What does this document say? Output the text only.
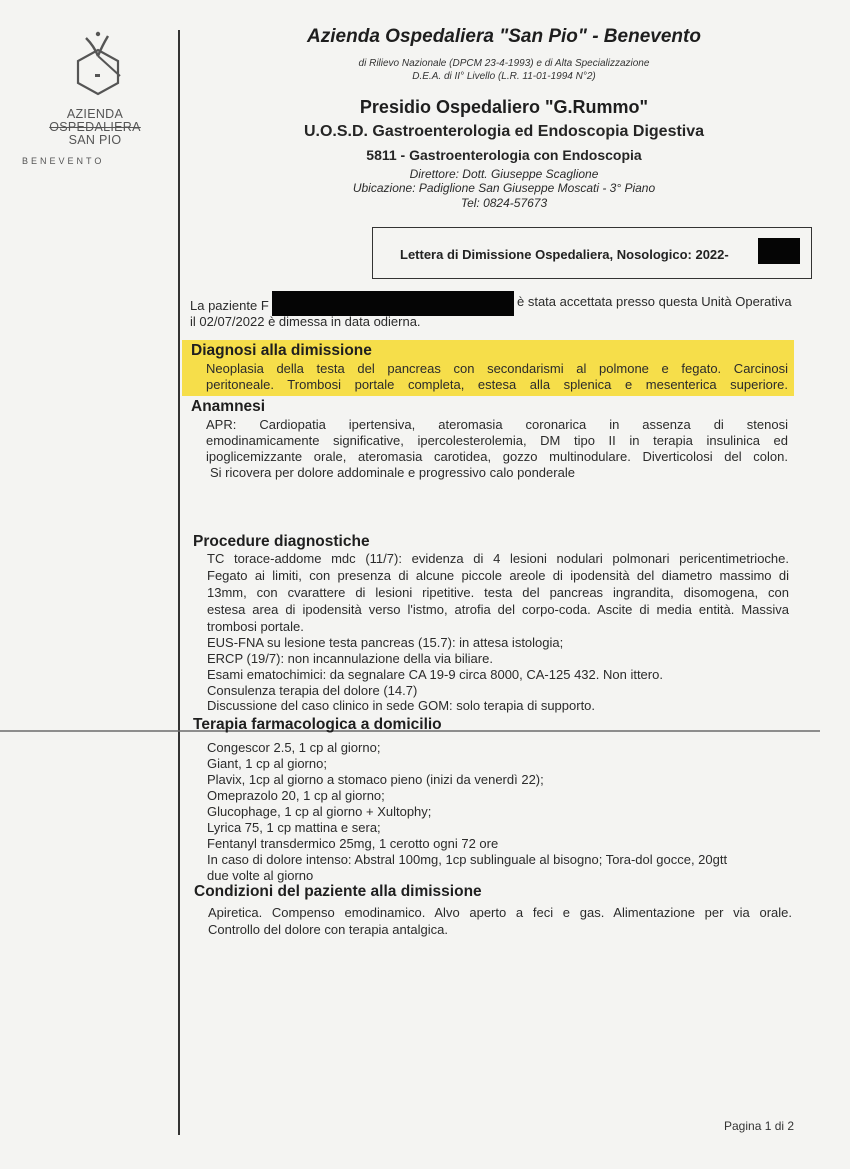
AZIENDA
OSPEDALIERA
SAN PIO
BENEVENTO
Azienda Ospedaliera "San Pio" - Benevento
di Rilievo Nazionale (DPCM 23-4-1993) e di Alta Specializzazione
D.E.A. di II° Livello (L.R. 11-01-1994 N°2)
Presidio Ospedaliero "G.Rummo"
U.O.S.D. Gastroenterologia ed Endoscopia Digestiva
5811 - Gastroenterologia con Endoscopia
Direttore: Dott. Giuseppe Scaglione
Ubicazione: Padiglione San Giuseppe Moscati - 3° Piano
Tel: 0824-57673
Lettera di Dimissione Ospedaliera, Nosologico: 2022-
La paziente F	è stata accettata presso questa Unità Operativa
il 02/07/2022 è dimessa in data odierna.
Diagnosi alla dimissione
Neoplasia della testa del pancreas con secondarismi al polmone e fegato. Carcinosi
peritoneale. Trombosi portale completa, estesa alla splenica e mesenterica superiore.
Anamnesi
APR: Cardiopatia ipertensiva, ateromasia coronarica in assenza di stenosi
emodinamicamente significative, ipercolesterolemia, DM tipo II in terapia insulinica ed
ipoglicemizzante orale, ateromasia carotidea, gozzo multinodulare. Diverticolosi del colon.
Si ricovera per dolore addominale e progressivo calo ponderale
Procedure diagnostiche
TC torace-addome mdc (11/7): evidenza di 4 lesioni nodulari polmonari pericentimetrioche.
Fegato ai limiti, con presenza di alcune piccole areole di ipodensità del diametro massimo di
13mm, con cvarattere di lesioni ripetitive. testa del pancreas ingrandita, disomogena, con
estesa area di ipodensità verso l'istmo, atrofia del corpo-coda. Ascite di media entità. Massiva
trombosi portale.
EUS-FNA su lesione testa pancreas (15.7): in attesa istologia;
ERCP (19/7): non incannulazione della via biliare.
Esami ematochimici: da segnalare CA 19-9 circa 8000, CA-125 432. Non ittero.
Consulenza terapia del dolore (14.7)
Discussione del caso clinico in sede GOM: solo terapia di supporto.
Terapia farmacologica a domicilio
Congescor 2.5, 1 cp al giorno;
Giant, 1 cp al giorno;
Plavix, 1cp al giorno a stomaco pieno (inizi da venerdì 22);
Omeprazolo 20, 1 cp al giorno;
Glucophage, 1 cp al giorno + Xultophy;
Lyrica 75, 1 cp mattina e sera;
Fentanyl transdermico 25mg, 1 cerotto ogni 72 ore
In caso di dolore intenso: Abstral 100mg, 1cp sublinguale al bisogno; Tora-dol gocce, 20gtt
due volte al giorno
Condizioni del paziente alla dimissione
Apiretica. Compenso emodinamico. Alvo aperto a feci e gas. Alimentazione per via orale.
Controllo del dolore con terapia antalgica.
Pagina 1 di 2
